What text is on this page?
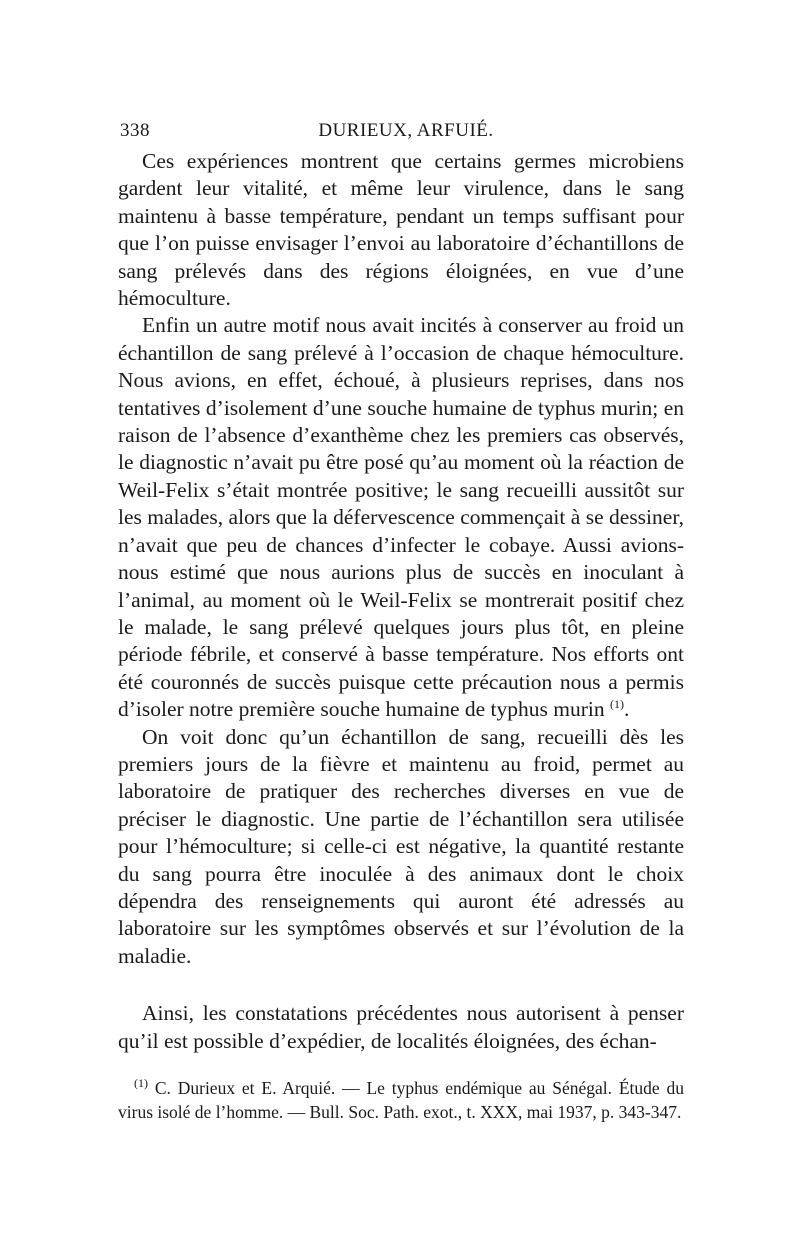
338	DURIEUX, ARFUIÉ.

Ces expériences montrent que certains germes microbiens gardent leur vitalité, et même leur virulence, dans le sang maintenu à basse température, pendant un temps suffisant pour que l’on puisse envisager l’envoi au laboratoire d’échantillons de sang prélevés dans des régions éloignées, en vue d’une hémoculture.

Enfin un autre motif nous avait incités à conserver au froid un échantillon de sang prélevé à l’occasion de chaque hémoculture. Nous avions, en effet, échoué, à plusieurs reprises, dans nos tentatives d’isolement d’une souche humaine de typhus murin; en raison de l’absence d’exanthème chez les premiers cas observés, le diagnostic n’avait pu être posé qu’au moment où la réaction de Weil-Felix s’était montrée positive; le sang recueilli aussitôt sur les malades, alors que la défervescence commençait à se dessiner, n’avait que peu de chances d’infecter le cobaye. Aussi avions-nous estimé que nous aurions plus de succès en inoculant à l’animal, au moment où le Weil-Felix se montrerait positif chez le malade, le sang prélevé quelques jours plus tôt, en pleine période fébrile, et conservé à basse température. Nos efforts ont été couronnés de succès puisque cette précaution nous a permis d’isoler notre première souche humaine de typhus murin $^{(1)}$.

On voit donc qu’un échantillon de sang, recueilli dès les premiers jours de la fièvre et maintenu au froid, permet au laboratoire de pratiquer des recherches diverses en vue de préciser le diagnostic. Une partie de l’échantillon sera utilisée pour l’hémoculture; si celle-ci est négative, la quantité restante du sang pourra être inoculée à des animaux dont le choix dépendra des renseignements qui auront été adressés au laboratoire sur les symptômes observés et sur l’évolution de la maladie.

Ainsi, les constatations précédentes nous autorisent à penser qu’il est possible d’expédier, de localités éloignées, des échan-

$^{(1)}$ C. Durieux et E. Arquié. — Le typhus endémique au Sénégal. Étude du virus isolé de l’homme. — Bull. Soc. Path. exot., t. XXX, mai 1937, p. 343-347.
